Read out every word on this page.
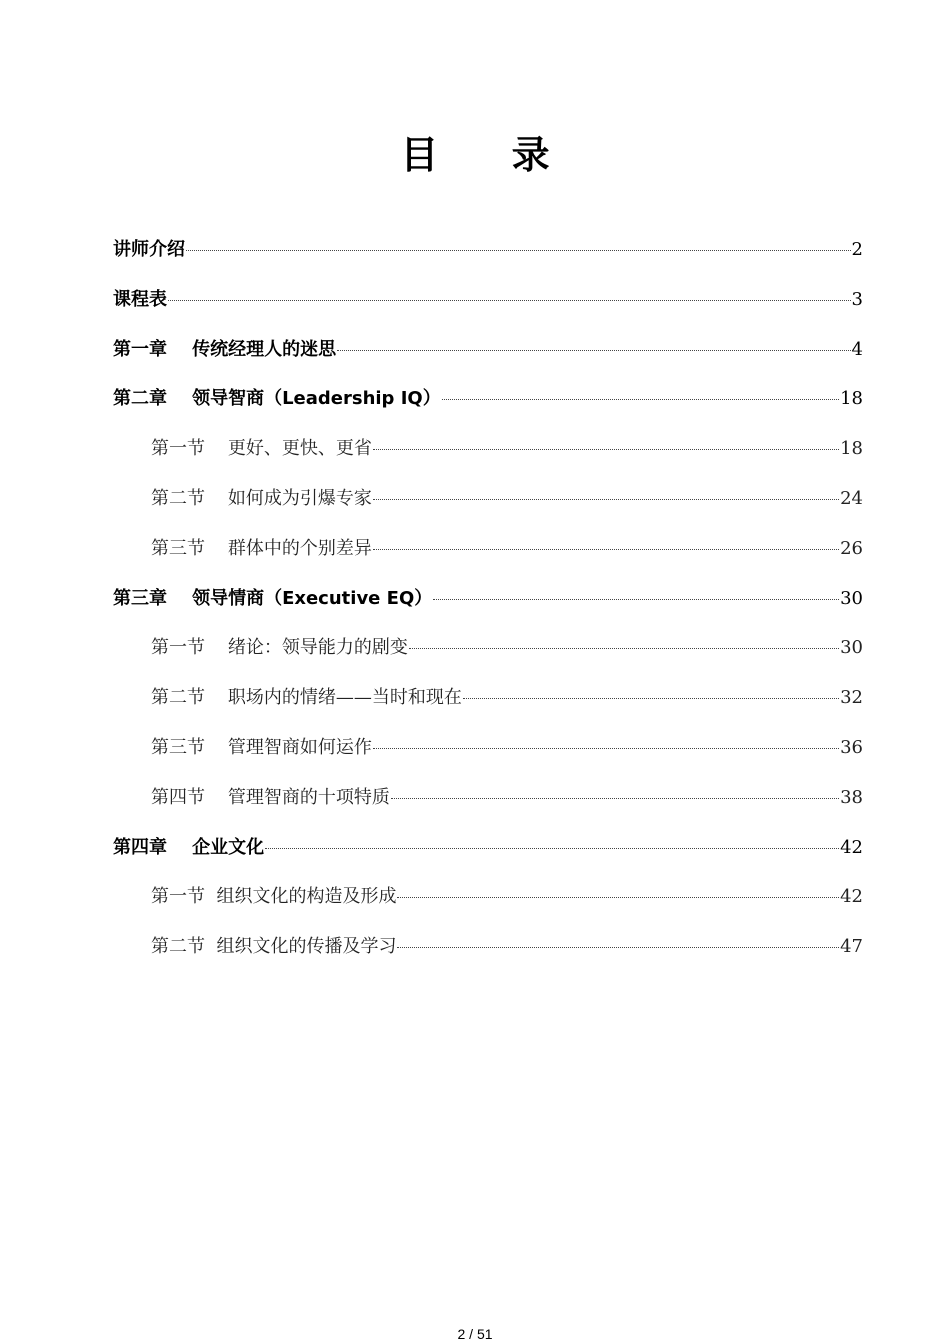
目 录
讲师介绍	2
课程表	3
第一章    传统经理人的迷思	4
第二章    领导智商（Leadership IQ）	18
第一节    更好、更快、更省	18
第二节    如何成为引爆专家	24
第三节    群体中的个别差异	26
第三章    领导情商（Executive EQ）	30
第一节    绪论：领导能力的剧变	30
第二节    职场内的情绪——当时和现在	32
第三节    管理智商如何运作	36
第四节    管理智商的十项特质	38
第四章    企业文化	42
第一节  组织文化的构造及形成	42
第二节  组织文化的传播及学习	47
2 / 51
